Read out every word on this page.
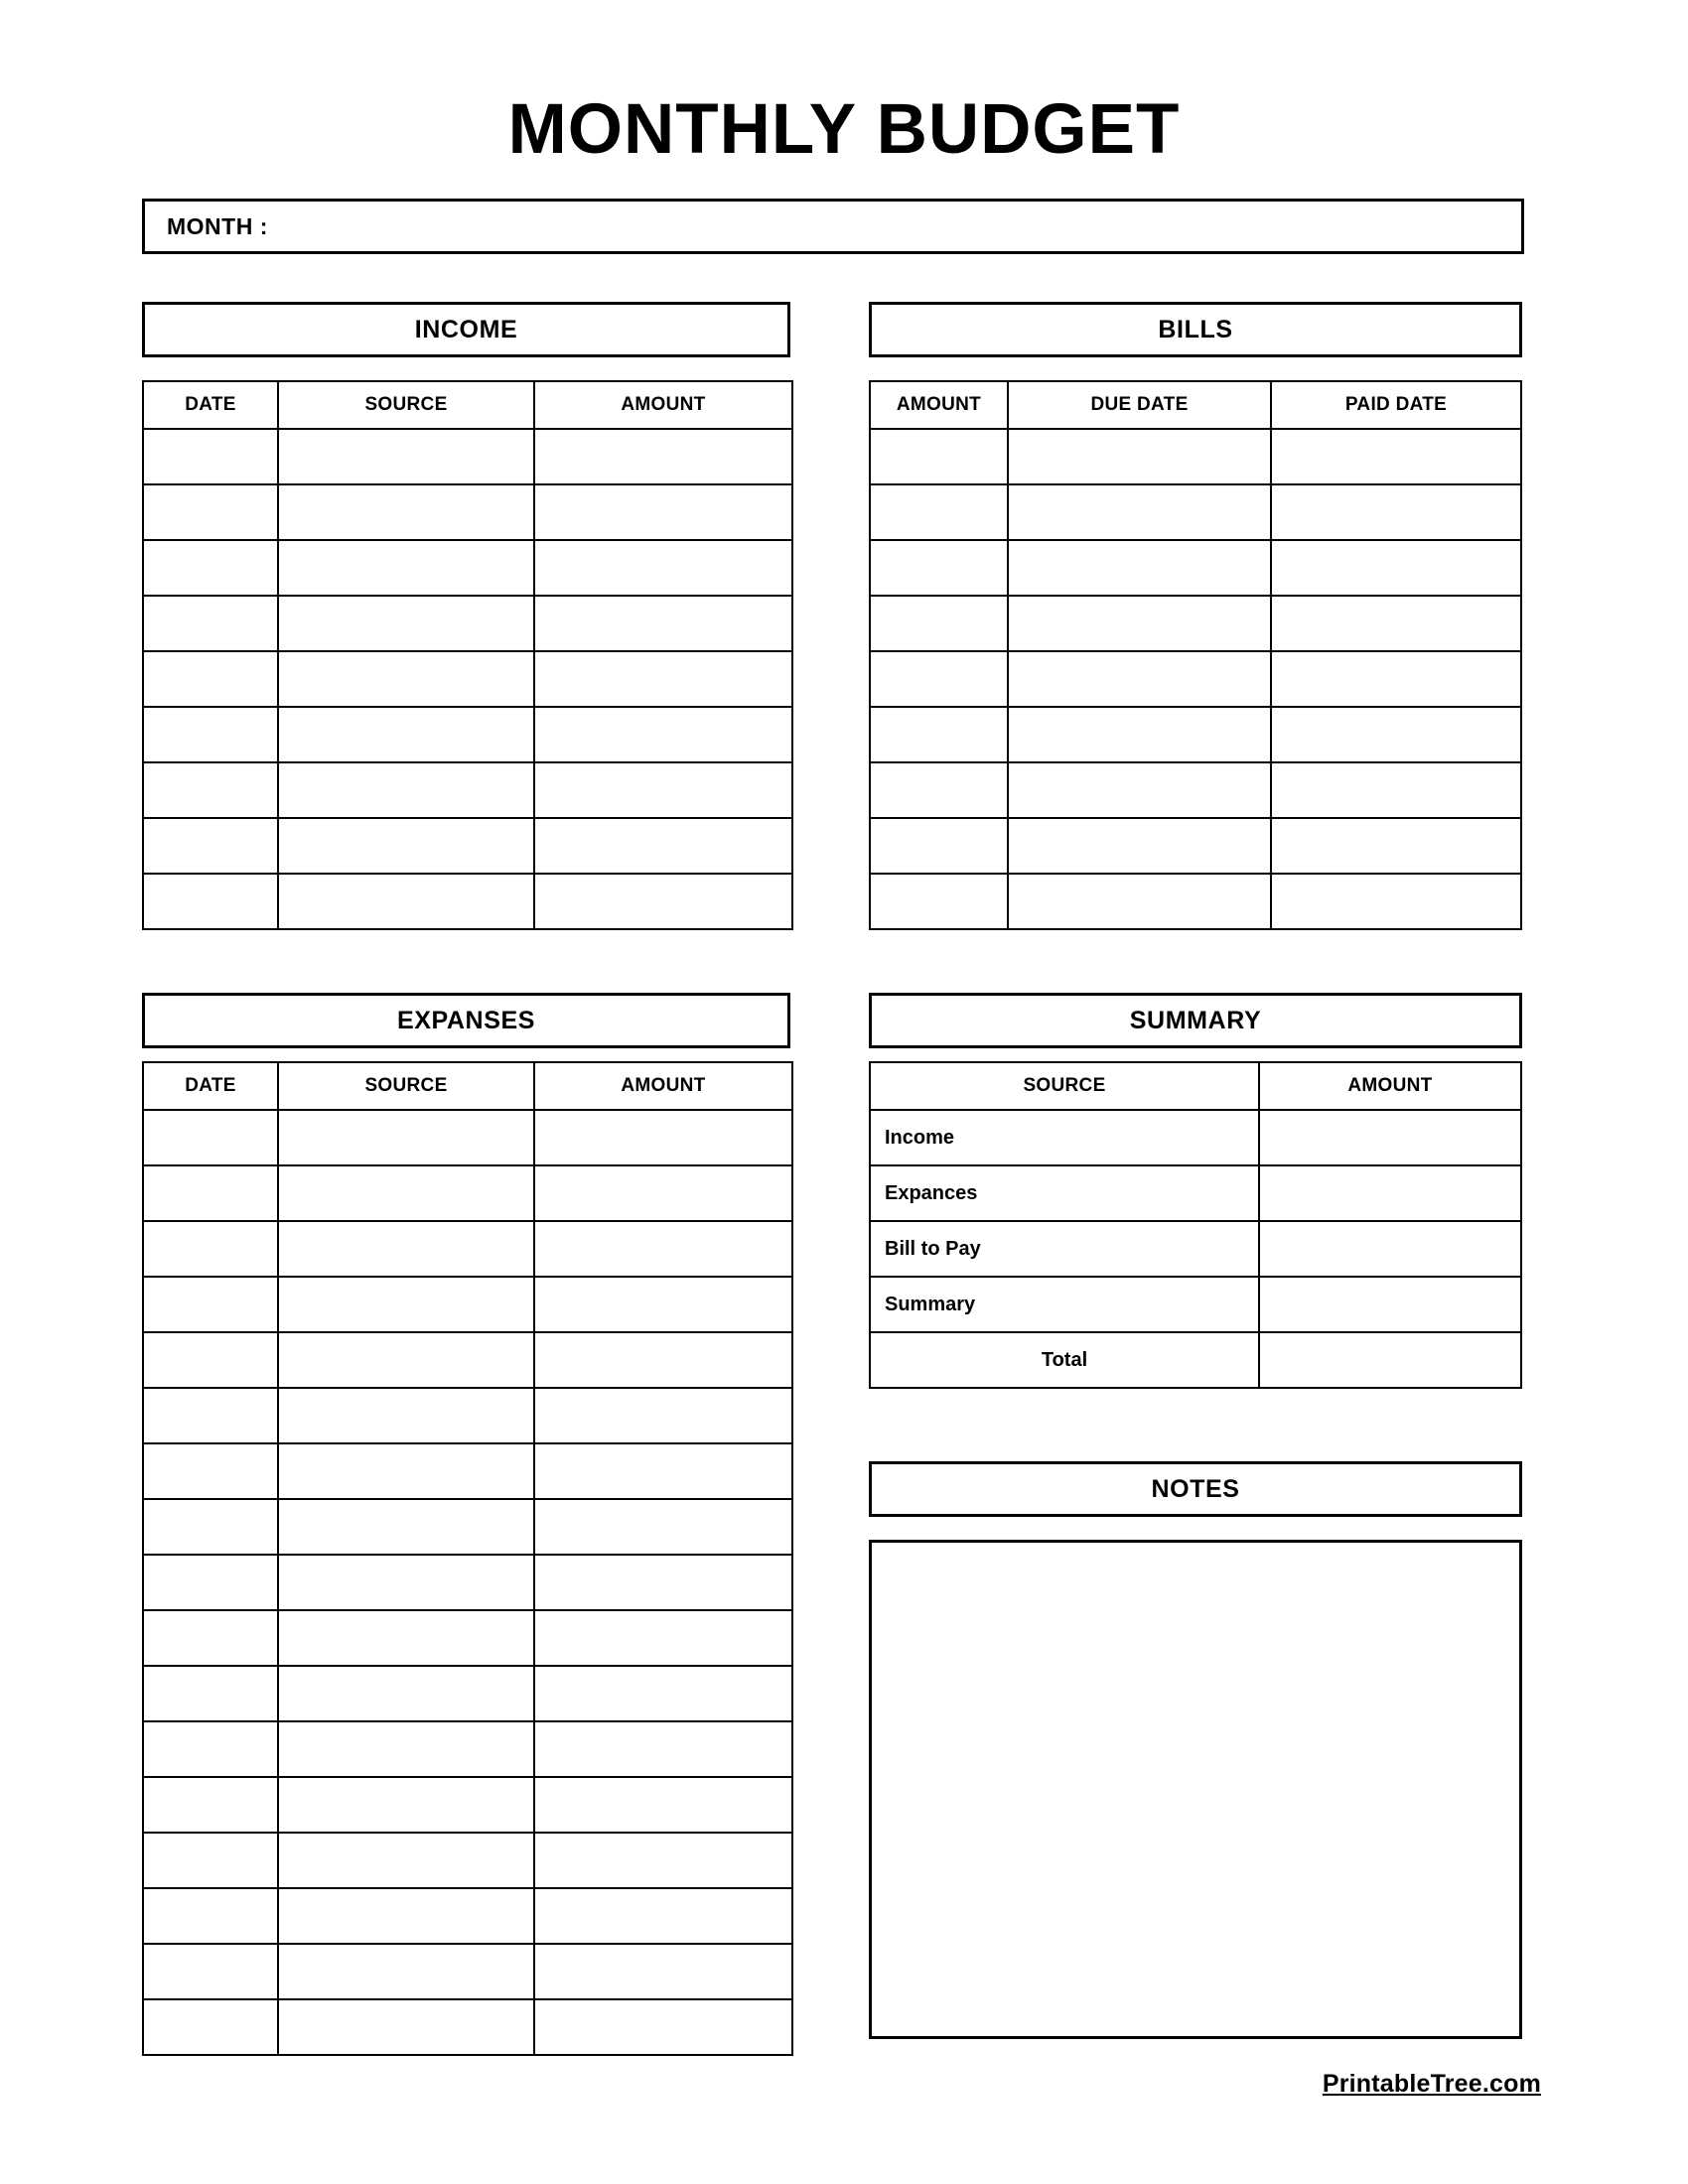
MONTHLY BUDGET
MONTH :
INCOME
DATE	SOURCE	AMOUNT

BILLS
AMOUNT	DUE DATE	PAID DATE

EXPANSES
DATE	SOURCE	AMOUNT

SUMMARY
SOURCE	AMOUNT
Income	
Expances	
Bill to Pay	
Summary	
Total	
NOTES
PrintableTree.com
